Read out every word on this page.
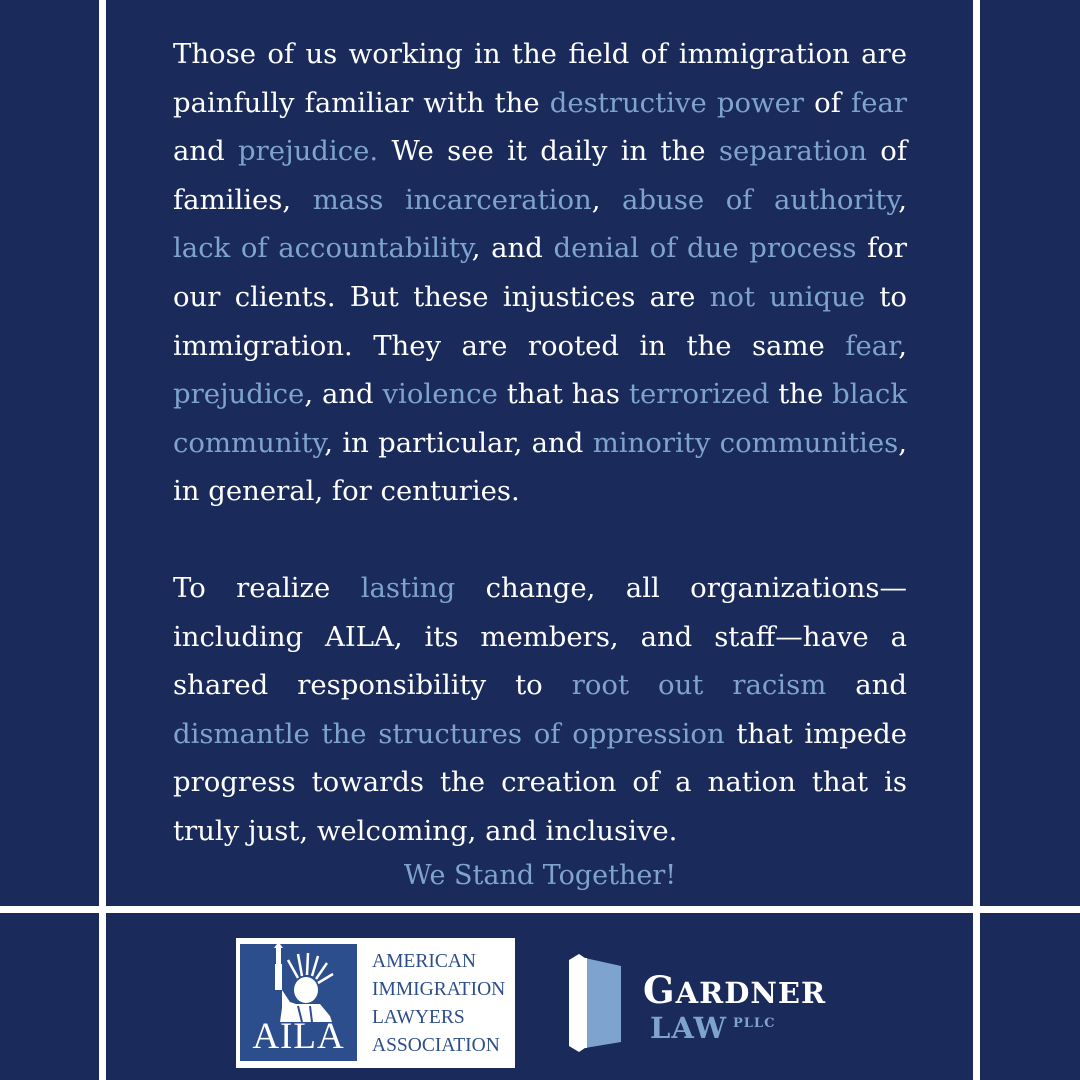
Those of us working in the field of immigration are painfully familiar with the destructive power of fear and prejudice. We see it daily in the separation of families, mass incarceration, abuse of authority, lack of accountability, and denial of due process for our clients. But these injustices are not unique to immigration. They are rooted in the same fear, prejudice, and violence that has terrorized the black community, in particular, and minority communities, in general, for centuries.

To realize lasting change, all organizations—including AILA, its members, and staff—have a shared responsibility to root out racism and dismantle the structures of oppression that impede progress towards the creation of a nation that is truly just, welcoming, and inclusive.

We Stand Together!
AILA
AMERICAN
IMMIGRATION
LAWYERS
ASSOCIATION
GARDNER
LAW $^{PLLC}$
